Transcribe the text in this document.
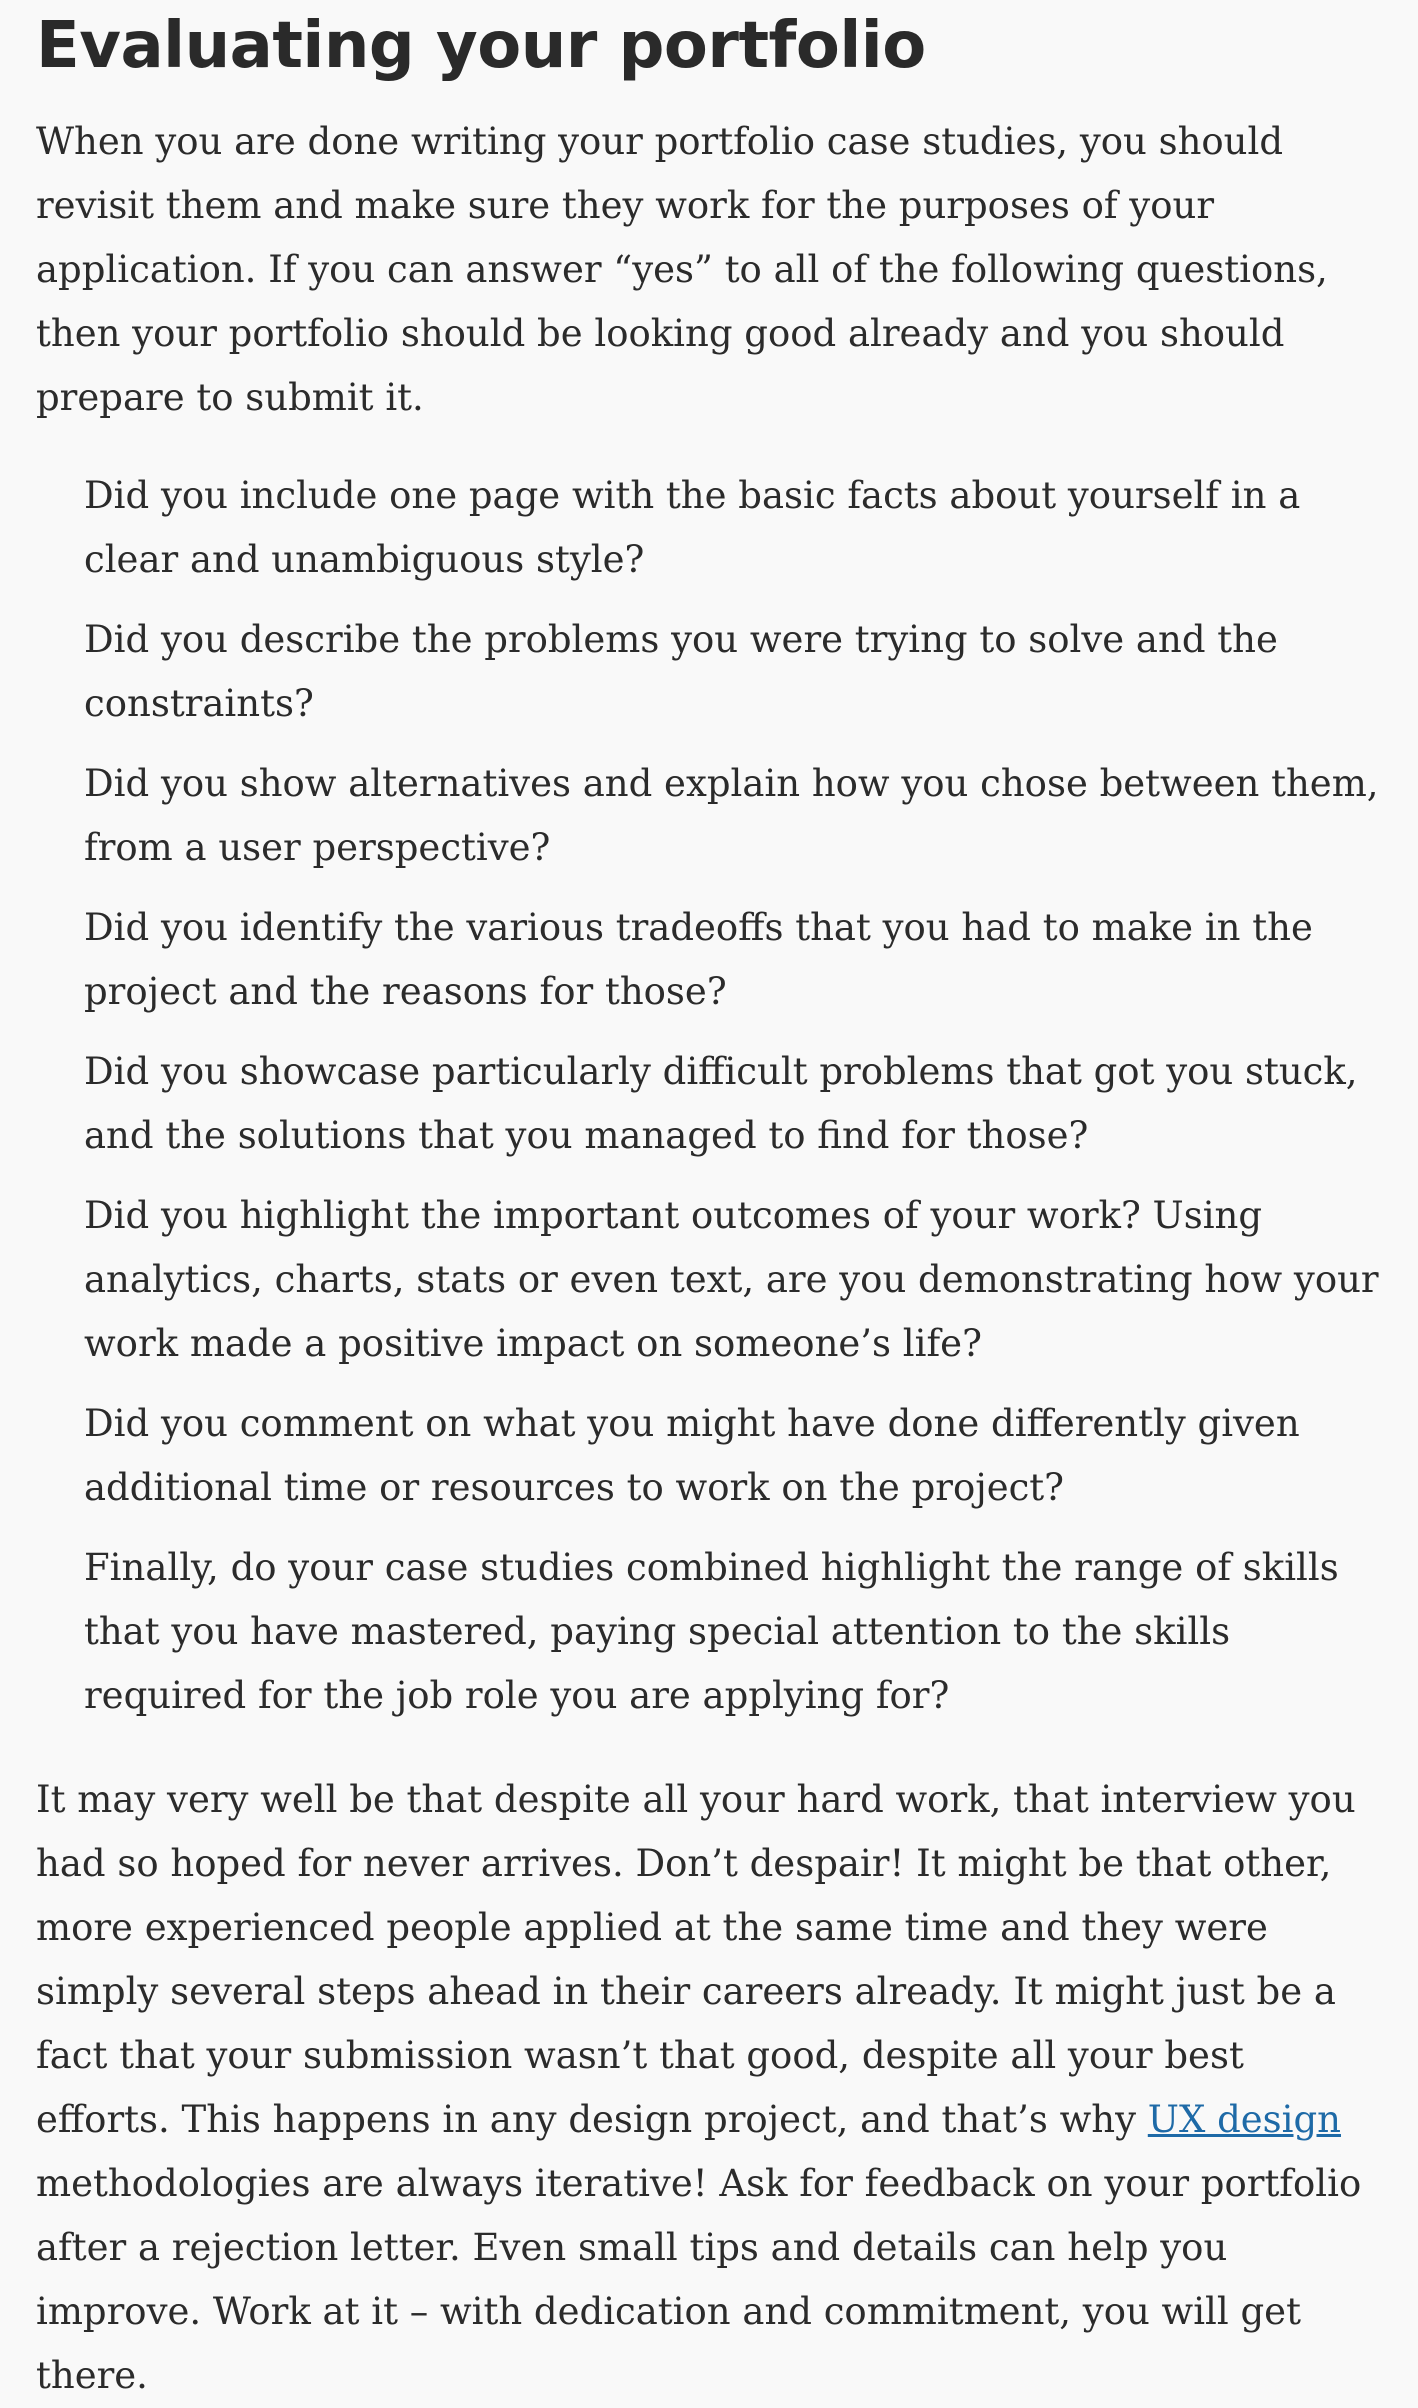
Evaluating your portfolio

When you are done writing your portfolio case studies, you should revisit them and make sure they work for the purposes of your application. If you can answer “yes” to all of the following questions, then your portfolio should be looking good already and you should prepare to submit it.

Did you include one page with the basic facts about yourself in a clear and unambiguous style?
Did you describe the problems you were trying to solve and the constraints?
Did you show alternatives and explain how you chose between them, from a user perspective?
Did you identify the various tradeoffs that you had to make in the project and the reasons for those?
Did you showcase particularly difficult problems that got you stuck, and the solutions that you managed to find for those?
Did you highlight the important outcomes of your work? Using analytics, charts, stats or even text, are you demonstrating how your work made a positive impact on someone’s life?
Did you comment on what you might have done differently given additional time or resources to work on the project?
Finally, do your case studies combined highlight the range of skills that you have mastered, paying special attention to the skills required for the job role you are applying for?

It may very well be that despite all your hard work, that interview you had so hoped for never arrives. Don’t despair! It might be that other, more experienced people applied at the same time and they were simply several steps ahead in their careers already. It might just be a fact that your submission wasn’t that good, despite all your best efforts. This happens in any design project, and that’s why UX design methodologies are always iterative! Ask for feedback on your portfolio after a rejection letter. Even small tips and details can help you improve. Work at it – with dedication and commitment, you will get there.
